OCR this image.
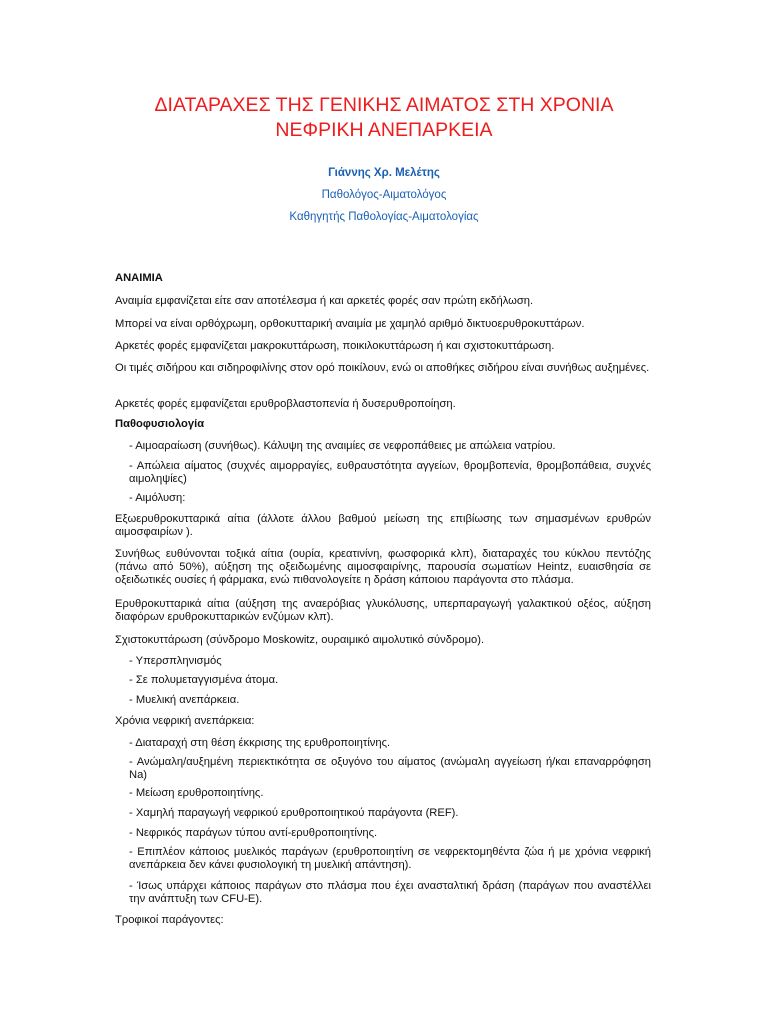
ΔΙΑΤΑΡΑΧΕΣ ΤΗΣ ΓΕΝΙΚΗΣ ΑΙΜΑΤΟΣ ΣΤΗ ΧΡΟΝΙΑ
ΝΕΦΡΙΚΗ ΑΝΕΠΑΡΚΕΙΑ
Γιάννης Χρ. Μελέτης
Παθολόγος-Αιματολόγος
Καθηγητής Παθολογίας-Αιματολογίας
ΑΝΑΙΜΙΑ
Αναιμία εμφανίζεται είτε σαν αποτέλεσμα ή και αρκετές φορές σαν πρώτη εκδήλωση.
Μπορεί να είναι ορθόχρωμη, ορθοκυτταρική αναιμία με χαμηλό αριθμό δικτυοερυθροκυττάρων.
Αρκετές φορές εμφανίζεται μακροκυττάρωση, ποικιλοκυττάρωση ή και σχιστοκυττάρωση.
Οι τιμές σιδήρου και σιδηροφιλίνης στον ορό ποικίλουν, ενώ οι αποθήκες σιδήρου είναι συνήθως αυξημένες.
Αρκετές φορές εμφανίζεται ερυθροβλαστοπενία ή δυσερυθροποίηση.
Παθοφυσιολογία
- Αιμοαραίωση (συνήθως). Κάλυψη της αναιμίες σε νεφροπάθειες με απώλεια νατρίου.
- Απώλεια αίματος (συχνές αιμορραγίες, ευθραυστότητα αγγείων, θρομβοπενία, θρομβοπάθεια, συχνές αιμοληψίες)
- Αιμόλυση:
Εξωερυθροκυτταρικά αίτια (άλλοτε άλλου βαθμού μείωση της επιβίωσης των σημασμένων ερυθρών αιμοσφαιρίων ).
Συνήθως ευθύνονται τοξικά αίτια (ουρία, κρεατινίνη, φωσφορικά κλπ), διαταραχές του κύκλου πεντόζης (πάνω από 50%), αύξηση της οξειδωμένης αιμοσφαιρίνης, παρουσία σωματίων Heintz, ευαισθησία σε οξειδωτικές ουσίες ή φάρμακα, ενώ πιθανολογείτε η δράση κάποιου παράγοντα στο πλάσμα.
Ερυθροκυτταρικά αίτια (αύξηση της αναερόβιας γλυκόλυσης, υπερπαραγωγή γαλακτικού οξέος, αύξηση διαφόρων ερυθροκυτταρικών ενζύμων κλπ).
Σχιστοκυττάρωση (σύνδρομο Moskowitz, ουραιμικό αιμολυτικό σύνδρομο).
- Υπερσπληνισμός
- Σε πολυμεταγγισμένα άτομα.
- Μυελική ανεπάρκεια.
Χρόνια νεφρική ανεπάρκεια:
- Διαταραχή στη θέση έκκρισης της ερυθροποιητίνης.
- Ανώμαλη/αυξημένη περιεκτικότητα σε οξυγόνο του αίματος (ανώμαλη αγγείωση ή/και επαναρρόφηση Na)
- Μείωση ερυθροποιητίνης.
- Χαμηλή παραγωγή νεφρικού ερυθροποιητικού παράγοντα (REF).
- Νεφρικός παράγων τύπου αντί-ερυθροποιητίνης.
- Επιπλέον κάποιος μυελικός παράγων (ερυθροποιητίνη σε νεφρεκτομηθέντα ζώα ή με χρόνια νεφρική ανεπάρκεια δεν κάνει φυσιολογική τη μυελική απάντηση).
- Ίσως υπάρχει κάποιος παράγων στο πλάσμα που έχει ανασταλτική δράση (παράγων που αναστέλλει την ανάπτυξη των CFU-E).
Τροφικοί παράγοντες:
